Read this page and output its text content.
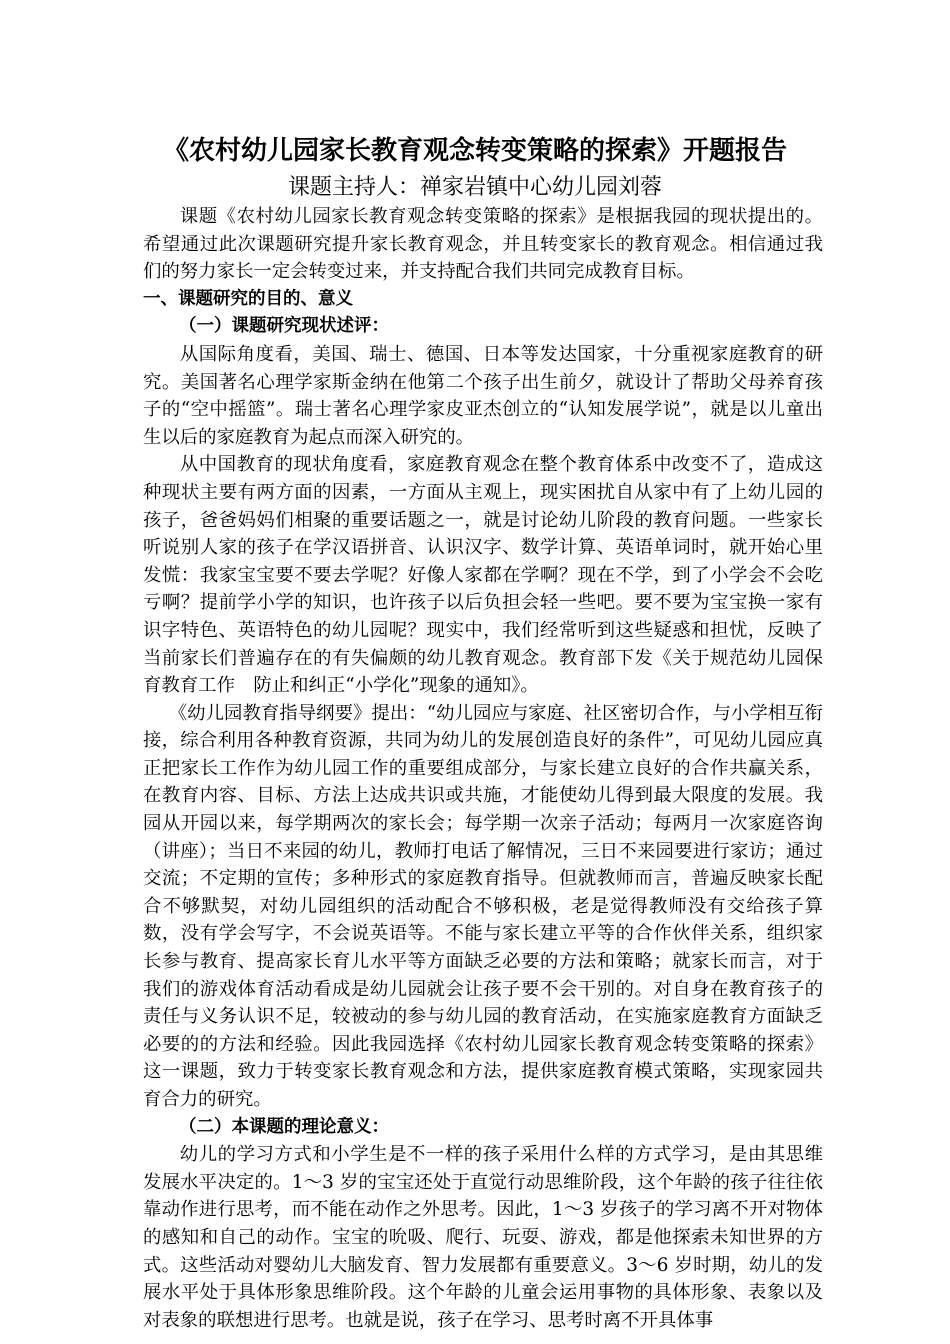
《农村幼儿园家长教育观念转变策略的探索》开题报告
课题主持人：禅家岩镇中心幼儿园刘蓉

课题《农村幼儿园家长教育观念转变策略的探索》是根据我园的现状提出的。希望通过此次课题研究提升家长教育观念，并且转变家长的教育观念。相信通过我们的努力家长一定会转变过来，并支持配合我们共同完成教育目标。

一、课题研究的目的、意义
（一）课题研究现状述评：

从国际角度看，美国、瑞士、德国、日本等发达国家，十分重视家庭教育的研究。美国著名心理学家斯金纳在他第二个孩子出生前夕，就设计了帮助父母养育孩子的“空中摇篮”。瑞士著名心理学家皮亚杰创立的“认知发展学说”，就是以儿童出生以后的家庭教育为起点而深入研究的。

从中国教育的现状角度看，家庭教育观念在整个教育体系中改变不了，造成这种现状主要有两方面的因素，一方面从主观上，现实困扰自从家中有了上幼儿园的孩子，爸爸妈妈们相聚的重要话题之一，就是讨论幼儿阶段的教育问题。一些家长听说别人家的孩子在学汉语拼音、认识汉字、数学计算、英语单词时，就开始心里发慌：我家宝宝要不要去学呢？好像人家都在学啊？现在不学，到了小学会不会吃亏啊？提前学小学的知识，也许孩子以后负担会轻一些吧。要不要为宝宝换一家有识字特色、英语特色的幼儿园呢？现实中，我们经常听到这些疑惑和担忧，反映了当前家长们普遍存在的有失偏颇的幼儿教育观念。教育部下发《关于规范幼儿园保育教育工作　防止和纠正“小学化”现象的通知》。

《幼儿园教育指导纲要》提出：“幼儿园应与家庭、社区密切合作，与小学相互衔接，综合利用各种教育资源，共同为幼儿的发展创造良好的条件”，可见幼儿园应真正把家长工作作为幼儿园工作的重要组成部分，与家长建立良好的合作共赢关系，在教育内容、目标、方法上达成共识或共施，才能使幼儿得到最大限度的发展。我园从开园以来，每学期两次的家长会；每学期一次亲子活动；每两月一次家庭咨询（讲座）；当日不来园的幼儿，教师打电话了解情况，三日不来园要进行家访；通过交流；不定期的宣传；多种形式的家庭教育指导。但就教师而言，普遍反映家长配合不够默契，对幼儿园组织的活动配合不够积极，老是觉得教师没有交给孩子算数，没有学会写字，不会说英语等。不能与家长建立平等的合作伙伴关系，组织家长参与教育、提高家长育儿水平等方面缺乏必要的方法和策略；就家长而言，对于我们的游戏体育活动看成是幼儿园就会让孩子要不会干别的。对自身在教育孩子的责任与义务认识不足，较被动的参与幼儿园的教育活动，在实施家庭教育方面缺乏必要的的方法和经验。因此我园选择《农村幼儿园家长教育观念转变策略的探索》这一课题，致力于转变家长教育观念和方法，提供家庭教育模式策略，实现家园共育合力的研究。

（二）本课题的理论意义：

幼儿的学习方式和小学生是不一样的孩子采用什么样的方式学习，是由其思维发展水平决定的。1～3 岁的宝宝还处于直觉行动思维阶段，这个年龄的孩子往往依靠动作进行思考，而不能在动作之外思考。因此，1～3 岁孩子的学习离不开对物体的感知和自己的动作。宝宝的吮吸、爬行、玩耍、游戏，都是他探索未知世界的方式。这些活动对婴幼儿大脑发育、智力发展都有重要意义。3～6 岁时期，幼儿的发展水平处于具体形象思维阶段。这个年龄的儿童会运用事物的具体形象、表象以及对表象的联想进行思考。也就是说，孩子在学习、思考时离不开具体事
